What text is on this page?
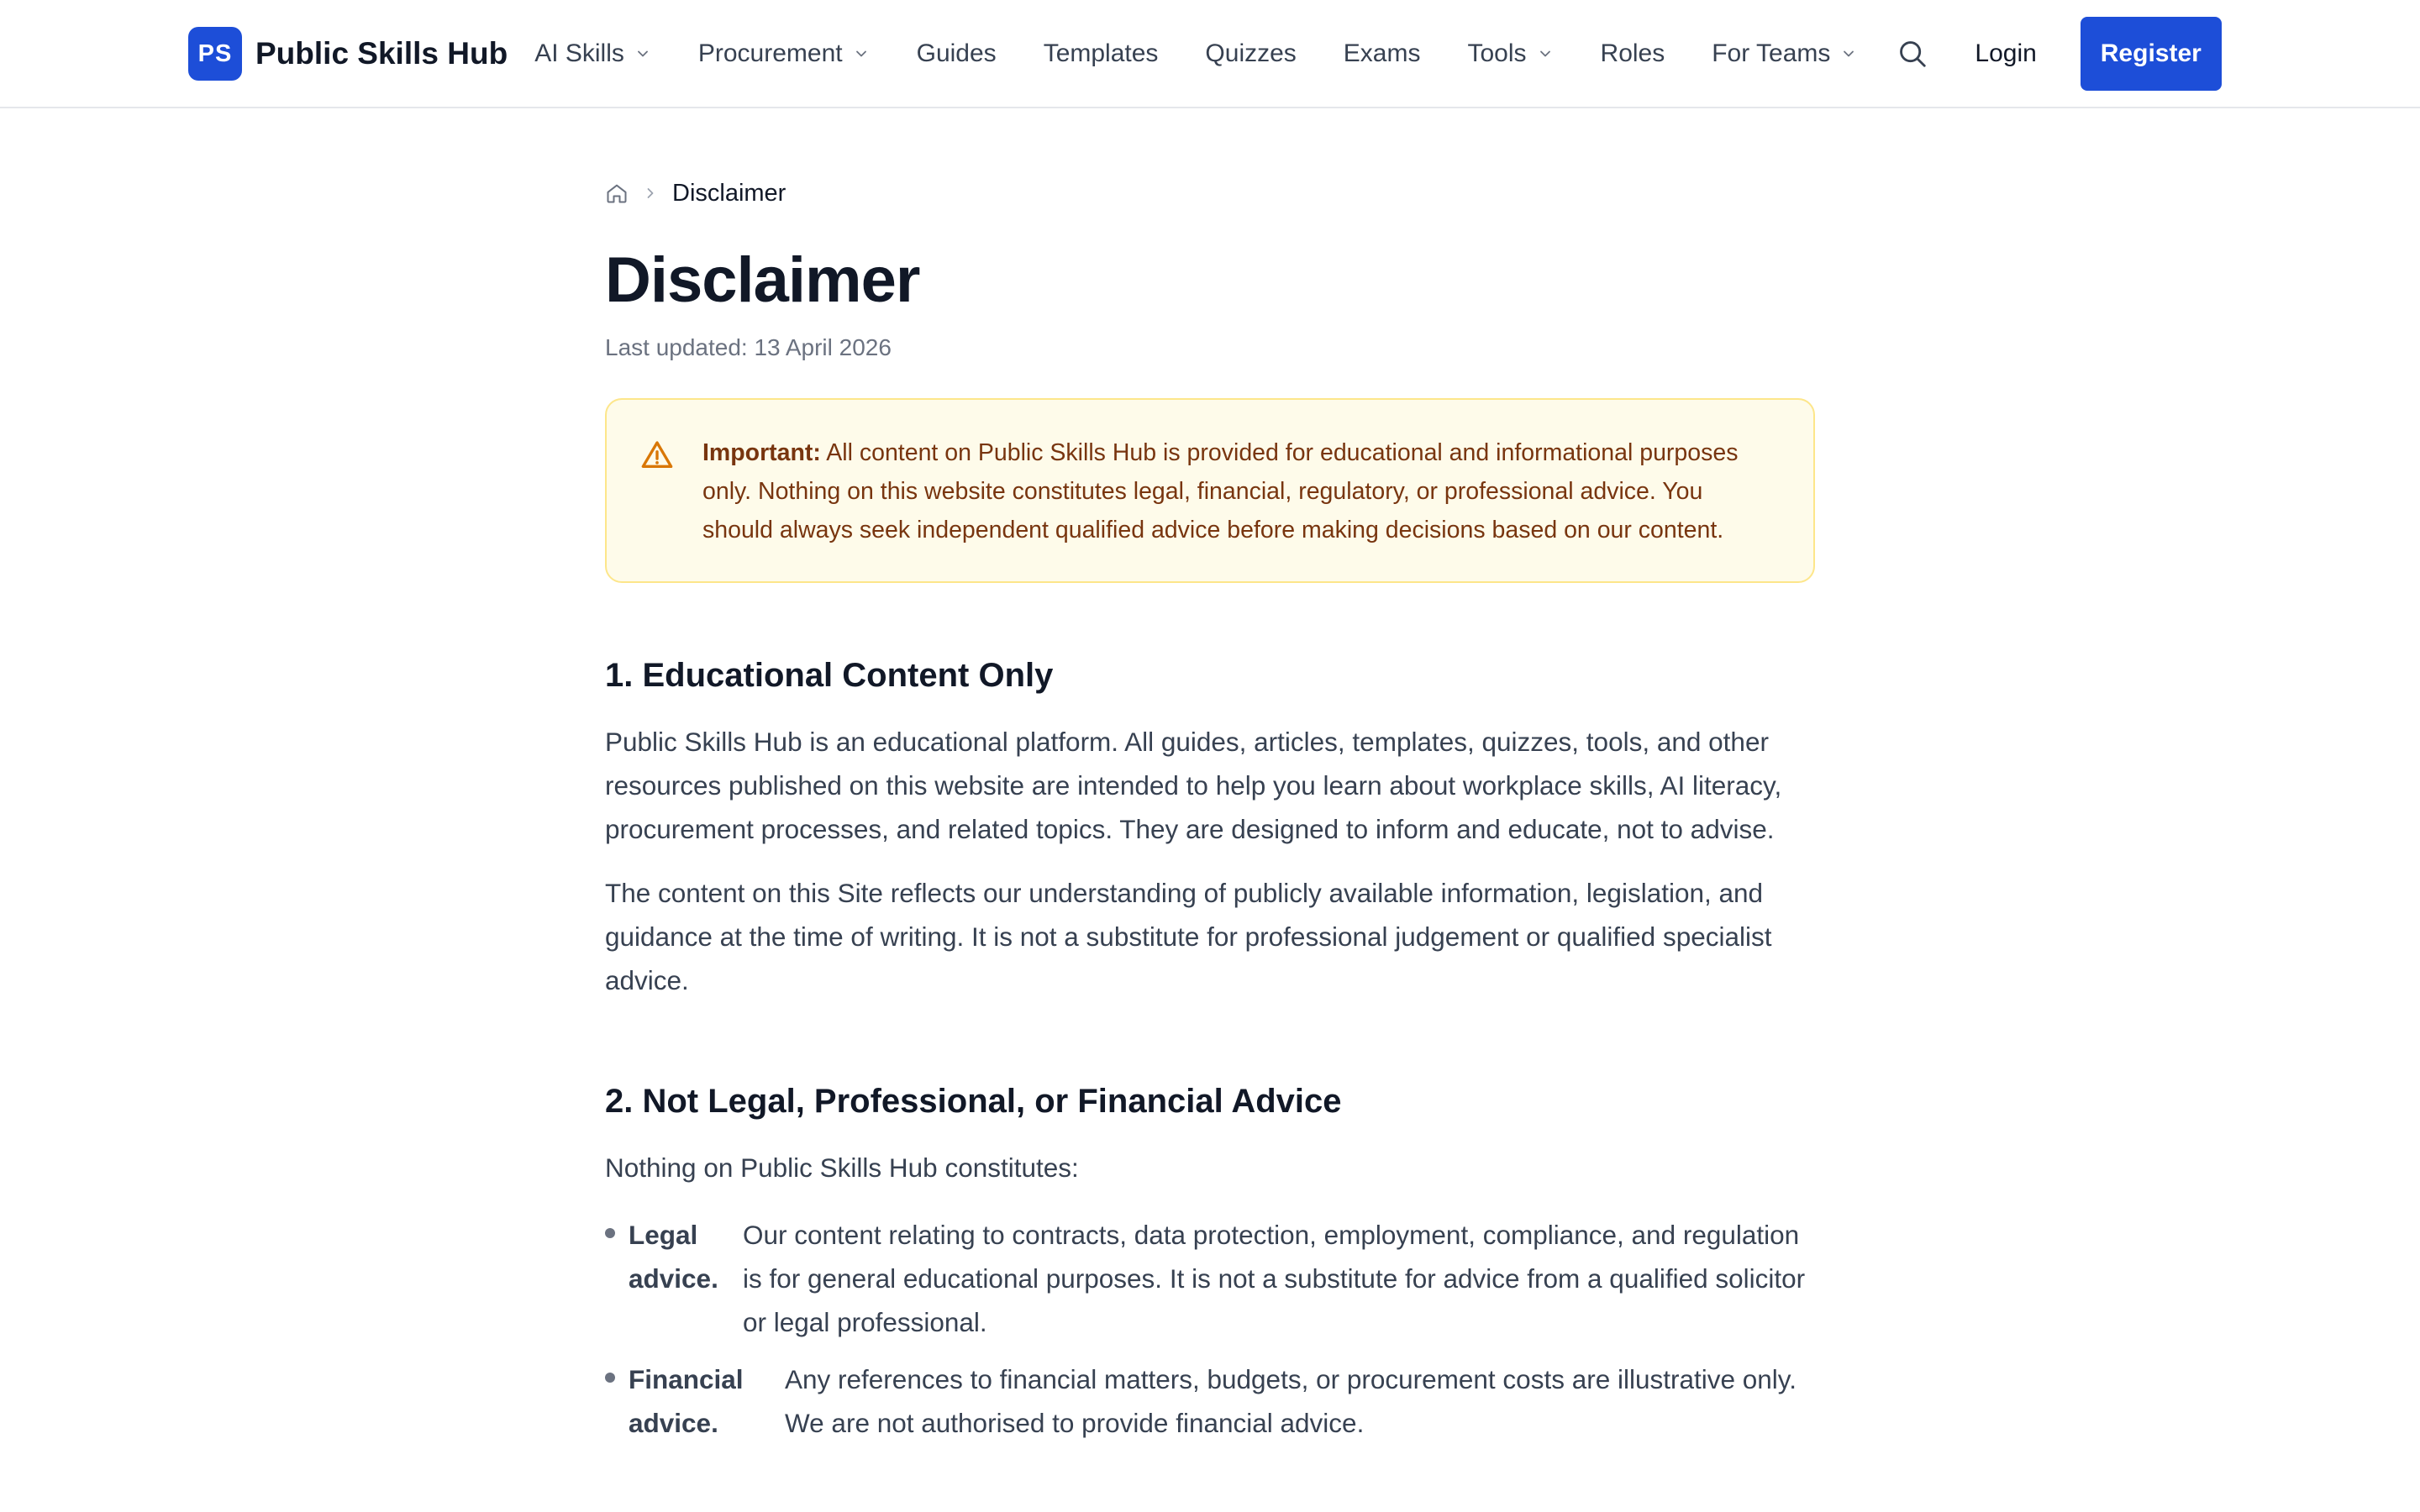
PS Public Skills Hub AI Skills	Procurement	Guides Templates Quizzes Exams Tools	Roles For Teams	Login	Register
Disclaimer
Disclaimer
Last updated: 13 April 2026
Important: All content on Public Skills Hub is provided for educational and informational purposes only. Nothing on this website constitutes legal, financial, regulatory, or professional advice. You should always seek independent qualified advice before making decisions based on our content.
1. Educational Content Only

Public Skills Hub is an educational platform. All guides, articles, templates, quizzes, tools, and other resources published on this website are intended to help you learn about workplace skills, AI literacy, procurement processes, and related topics. They are designed to inform and educate, not to advise.

The content on this Site reflects our understanding of publicly available information, legislation, and guidance at the time of writing. It is not a substitute for professional judgement or qualified specialist advice.

2. Not Legal, Professional, or Financial Advice

Nothing on Public Skills Hub constitutes:

Legal advice.
Our content relating to contracts, data protection, employment, compliance, and regulation is for general educational purposes. It is not a substitute for advice from a qualified solicitor or legal professional.
Financial advice.
Any references to financial matters, budgets, or procurement costs are illustrative only. We are not authorised to provide financial advice.
